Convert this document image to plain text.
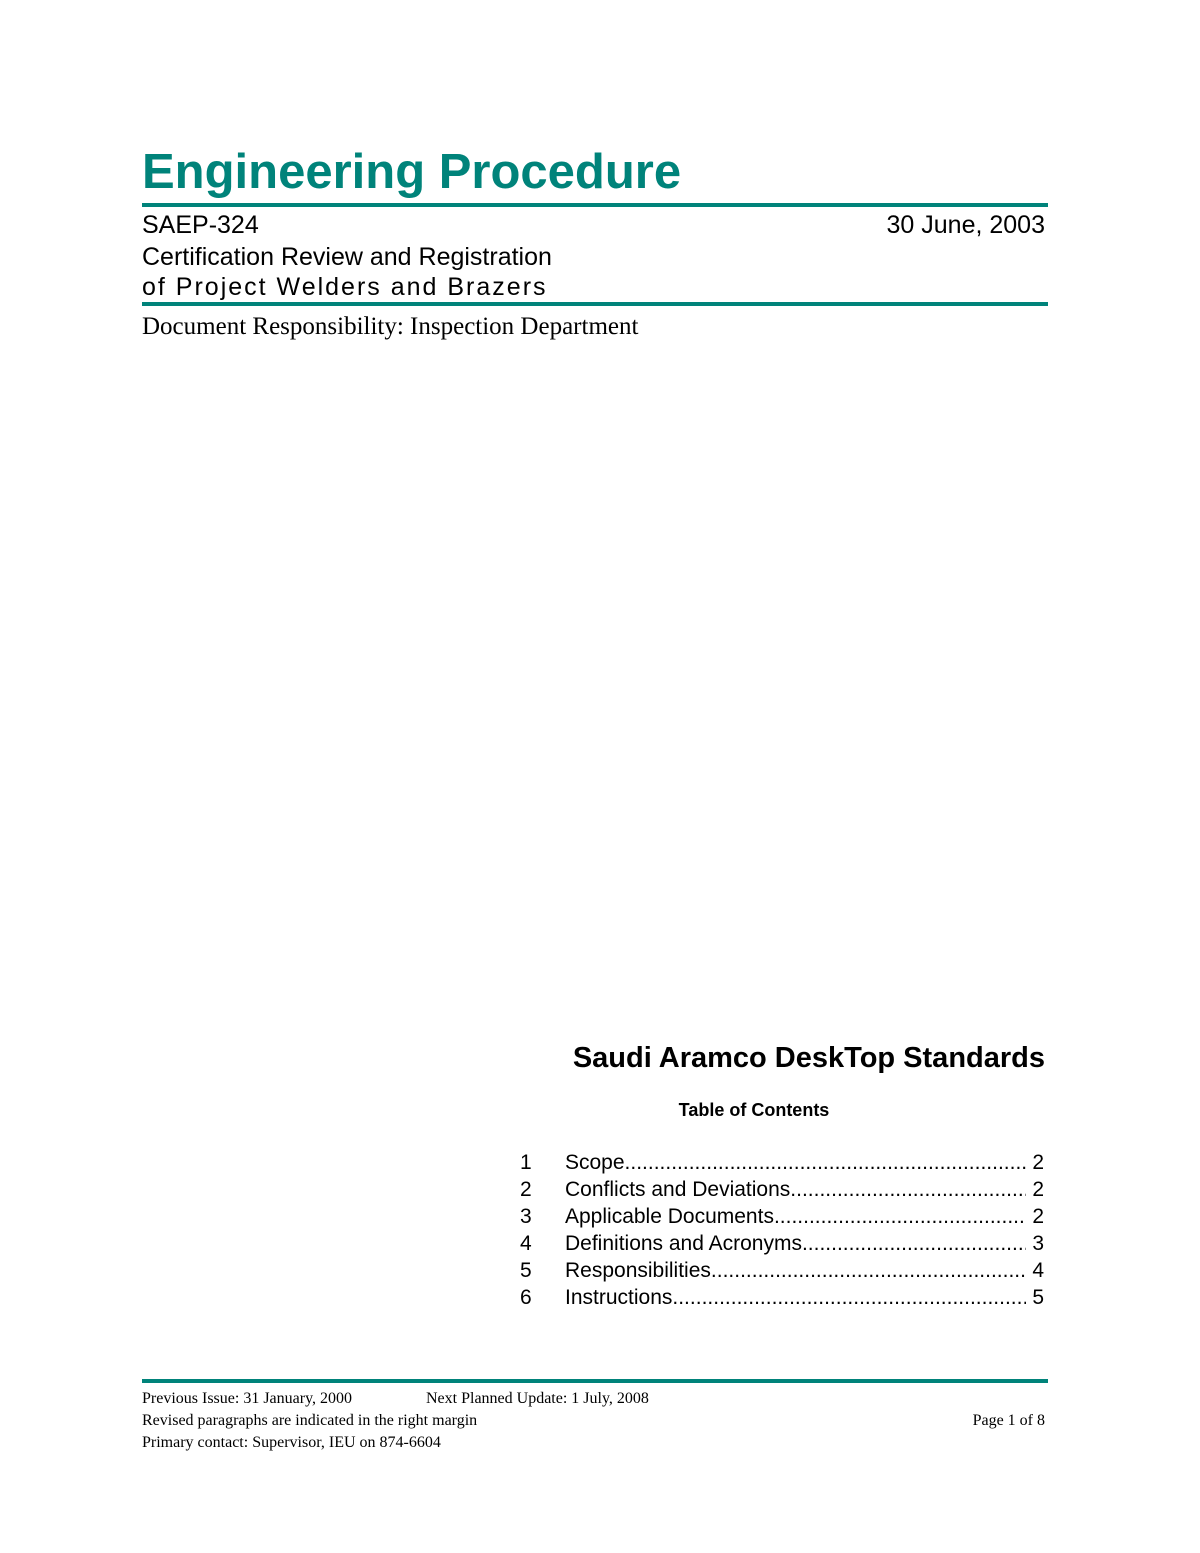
Engineering Procedure
SAEP-324	30 June, 2003
Certification Review and Registration
of Project Welders and Brazers
Document Responsibility: Inspection Department
Saudi Aramco DeskTop Standards
Table of Contents
1	Scope .....	2
2	Conflicts and Deviations .....	2
3	Applicable Documents .....	2
4	Definitions and Acronyms .....	3
5	Responsibilities .....	4
6	Instructions .....	5
Previous Issue: 31 January, 2000	Next Planned Update: 1 July, 2008
Revised paragraphs are indicated in the right margin	Page 1 of 8
Primary contact: Supervisor, IEU on 874-6604
